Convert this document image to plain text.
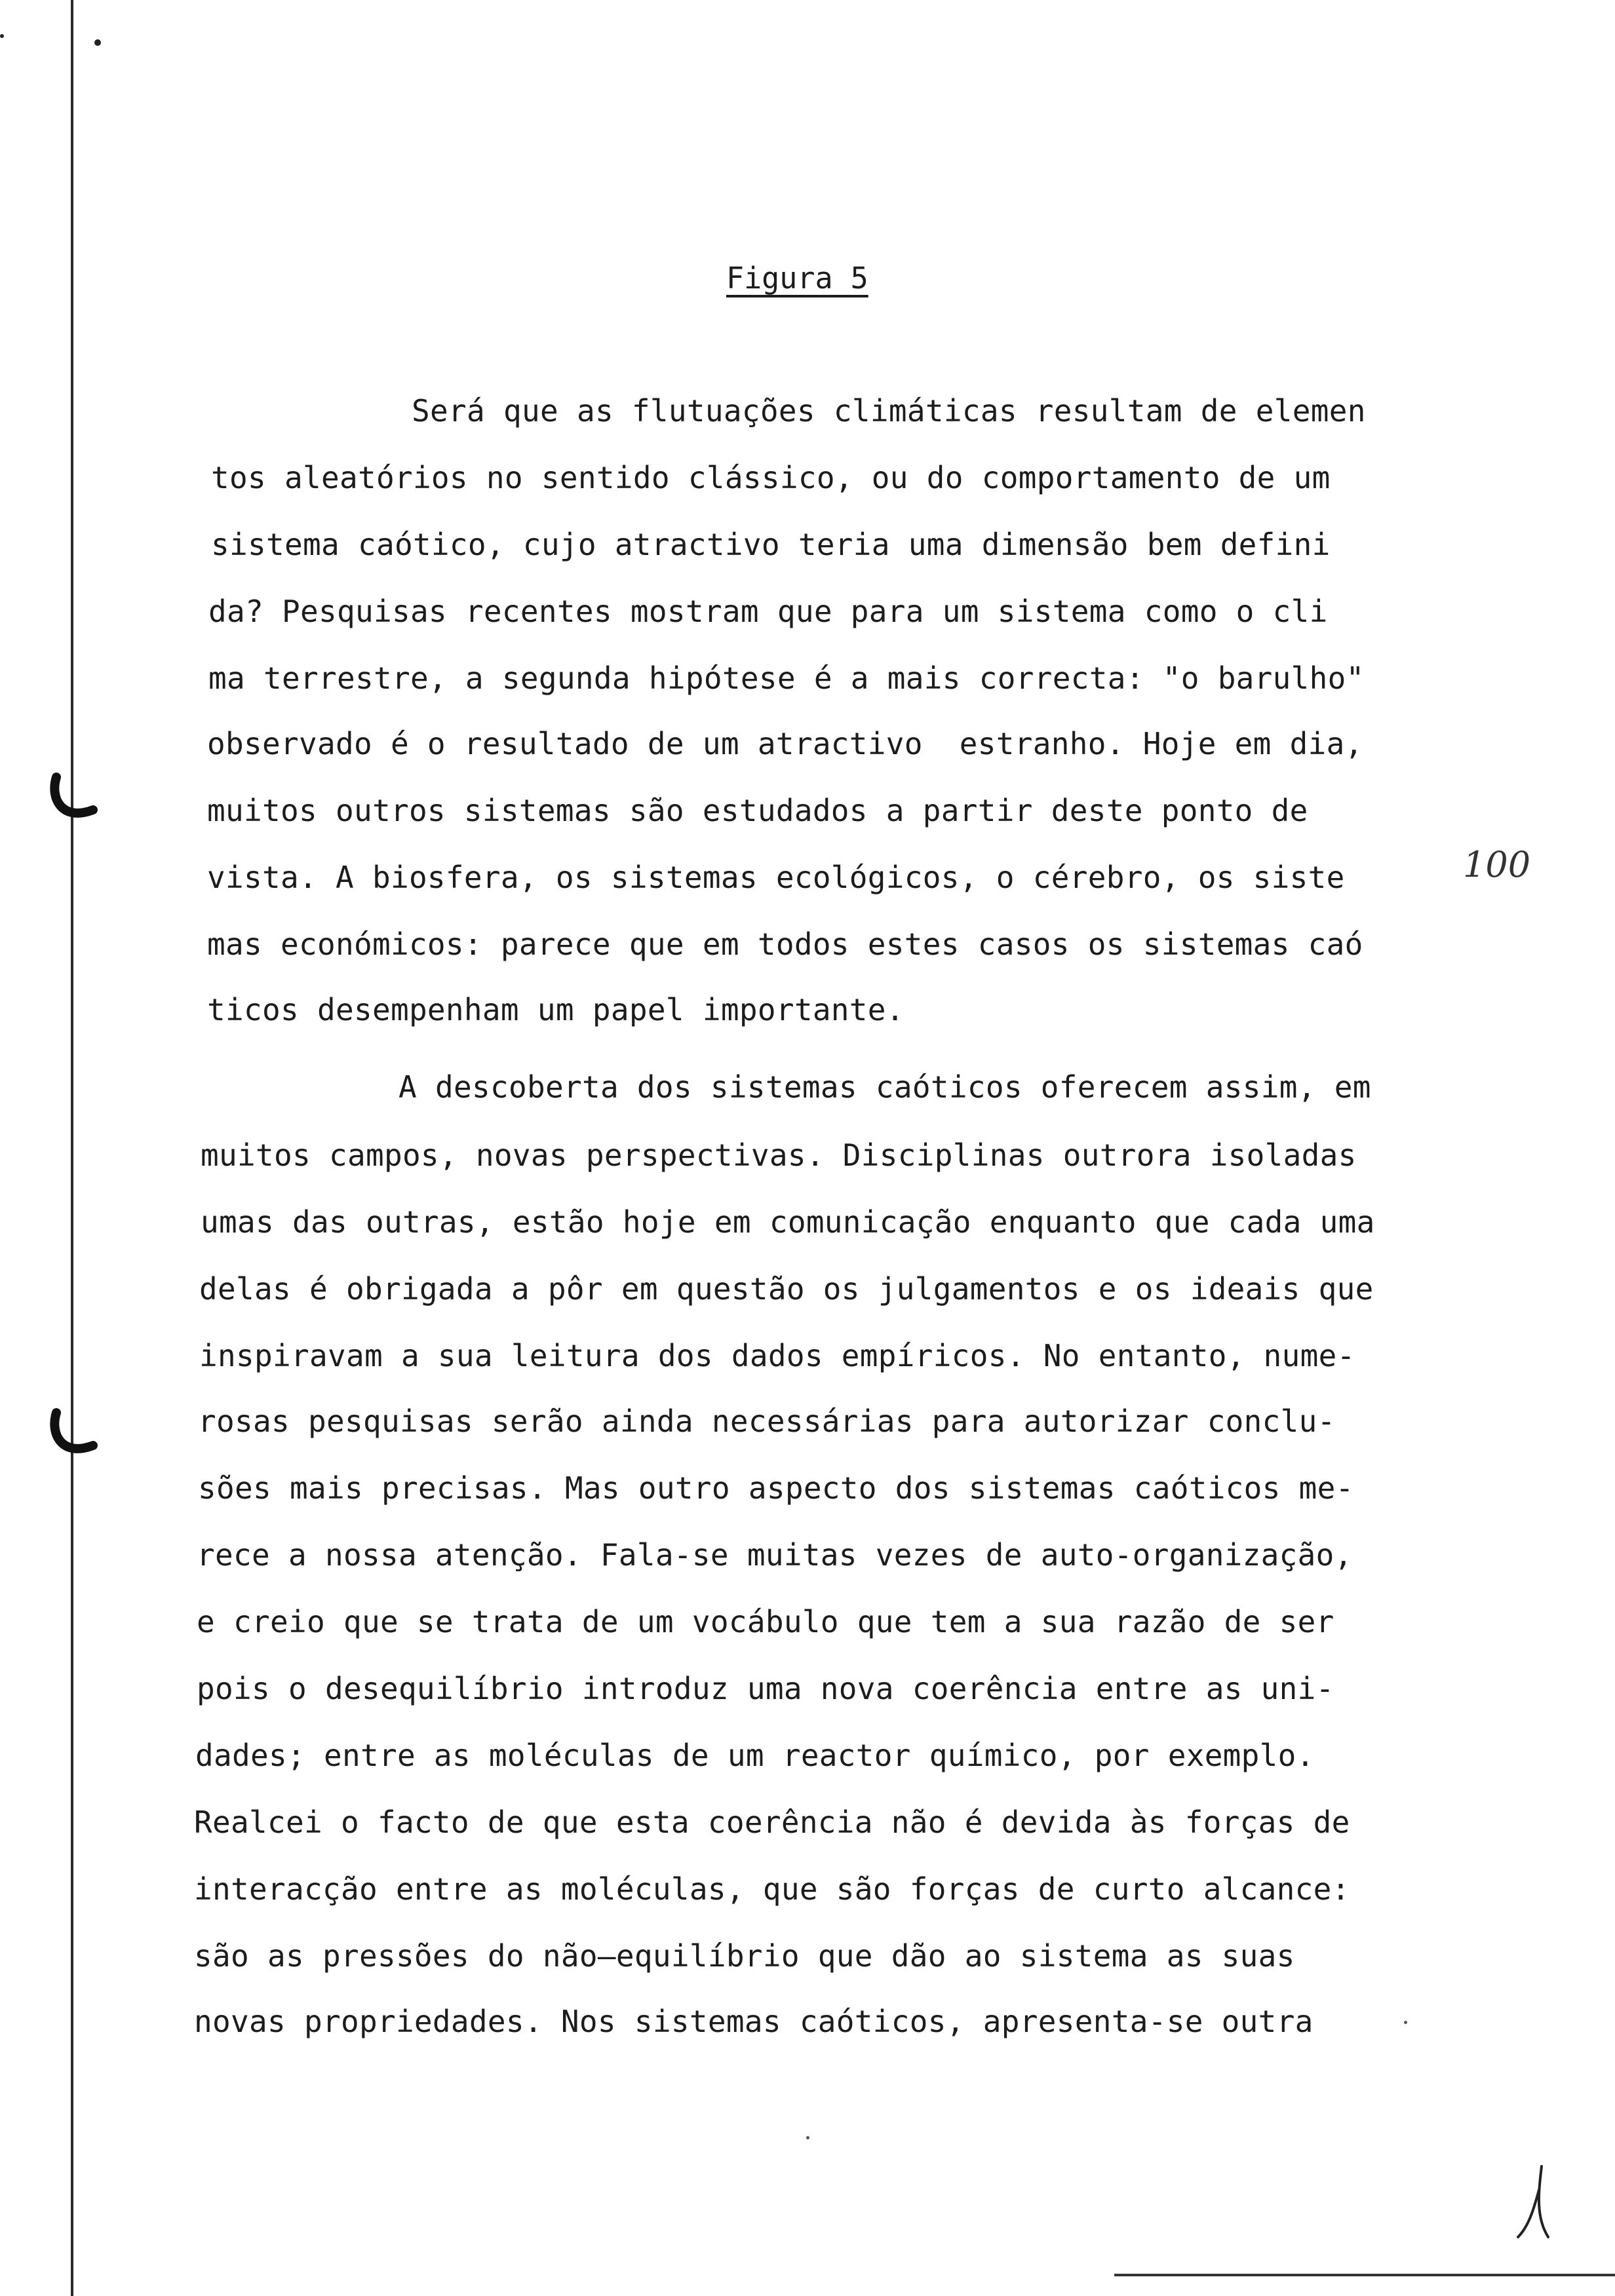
Figura 5
Será que as flutuações climáticas resultam de elemen
tos aleatórios no sentido clássico, ou do comportamento de um
sistema caótico, cujo atractivo teria uma dimensão bem defini
da? Pesquisas recentes mostram que para um sistema como o cli
ma terrestre, a segunda hipótese é a mais correcta: "o barulho"
observado é o resultado de um atractivo  estranho. Hoje em dia,
muitos outros sistemas são estudados a partir deste ponto de
vista. A biosfera, os sistemas ecológicos, o cérebro, os siste
mas económicos: parece que em todos estes casos os sistemas caó
ticos desempenham um papel importante.
A descoberta dos sistemas caóticos oferecem assim, em
muitos campos, novas perspectivas. Disciplinas outrora isoladas
umas das outras, estão hoje em comunicação enquanto que cada uma
delas é obrigada a pôr em questão os julgamentos e os ideais que
inspiravam a sua leitura dos dados empíricos. No entanto, nume-
rosas pesquisas serão ainda necessárias para autorizar conclu-
sões mais precisas. Mas outro aspecto dos sistemas caóticos me-
rece a nossa atenção. Fala-se muitas vezes de auto-organização,
e creio que se trata de um vocábulo que tem a sua razão de ser
pois o desequilíbrio introduz uma nova coerência entre as uni-
dades; entre as moléculas de um reactor químico, por exemplo.
Realcei o facto de que esta coerência não é devida às forças de
interacção entre as moléculas, que são forças de curto alcance:
são as pressões do não—equilíbrio que dão ao sistema as suas
novas propriedades. Nos sistemas caóticos, apresenta-se outra
100
